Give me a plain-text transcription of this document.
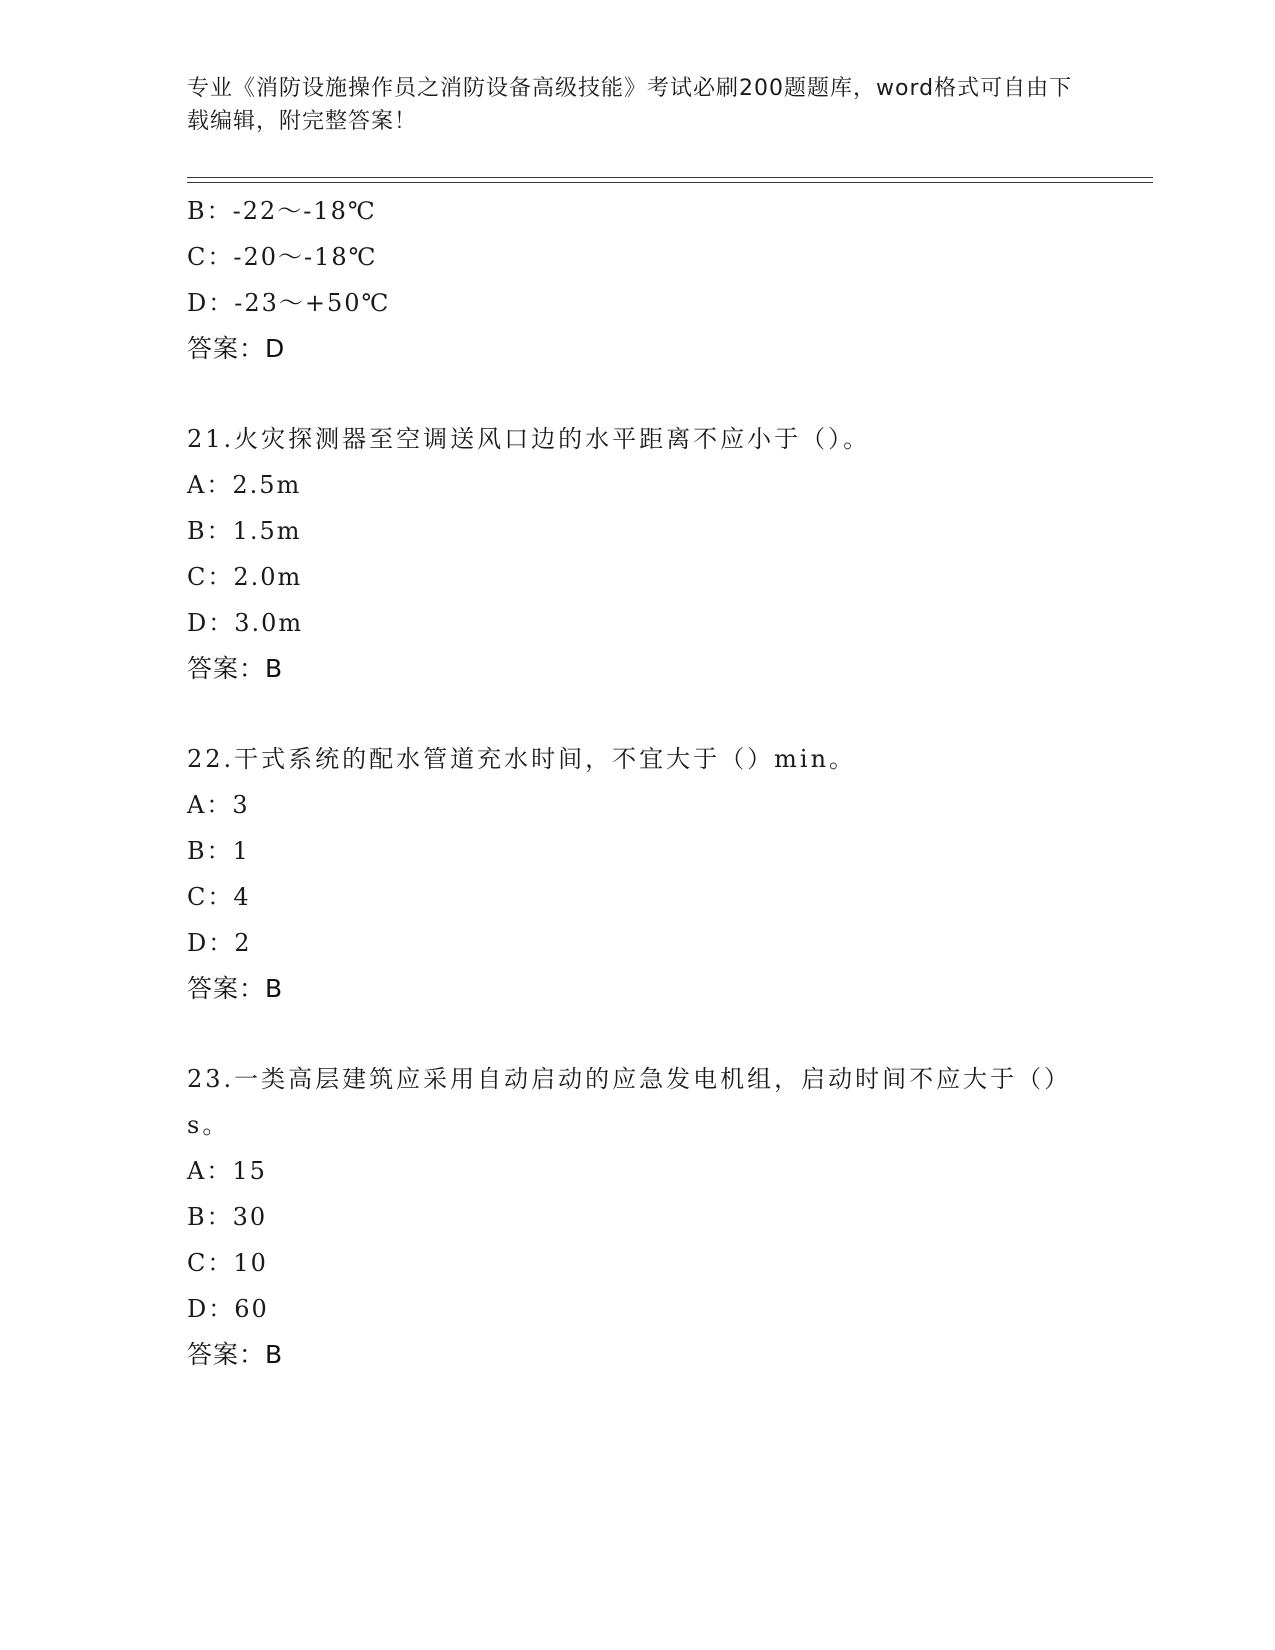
专业《消防设施操作员之消防设备高级技能》考试必刷200题题库，word格式可自由下载编辑，附完整答案！
B：-22～-18℃
C：-20～-18℃
D：-23～+50℃
答案：D
21.火灾探测器至空调送风口边的水平距离不应小于（）。
A：2.5m
B：1.5m
C：2.0m
D：3.0m
答案：B
22.干式系统的配水管道充水时间，不宜大于（）min。
A：3
B：1
C：4
D：2
答案：B
23.一类高层建筑应采用自动启动的应急发电机组，启动时间不应大于（）s。
A：15
B：30
C：10
D：60
答案：B
